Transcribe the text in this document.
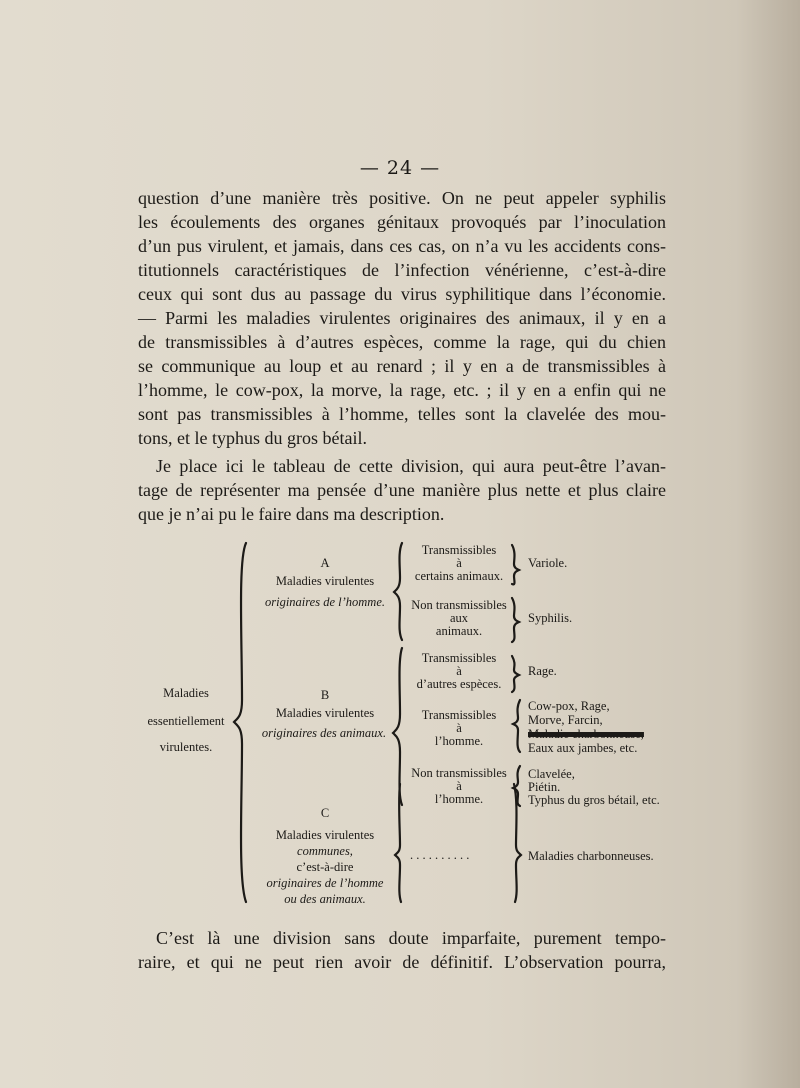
— 24 —
question d’une manière très positive. On ne peut appeler syphilis
les écoulements des organes génitaux provoqués par l’inoculation
d’un pus virulent, et jamais, dans ces cas, on n’a vu les accidents cons-
titutionnels caractéristiques de l’infection vénérienne, c’est-à-dire
ceux qui sont dus au passage du virus syphilitique dans l’économie.
— Parmi les maladies virulentes originaires des animaux, il y en a
de transmissibles à d’autres espèces, comme la rage, qui du chien
se communique au loup et au renard ; il y en a de transmissibles à
l’homme, le cow-pox, la morve, la rage, etc. ; il y en a enfin qui ne
sont pas transmissibles à l’homme, telles sont la clavelée des mou-
tons, et le typhus du gros bétail.
Je place ici le tableau de cette division, qui aura peut-être l’avan-
tage de représenter ma pensée d’une manière plus nette et plus claire
que je n’ai pu le faire dans ma description.
Maladies
essentiellement
virulentes.
A
Maladies virulentes
originaires de l’homme.
B
Maladies virulentes
originaires des animaux.
C
Maladies virulentes
communes,
c’est-à-dire
originaires de l’homme
ou des animaux.
Transmissibles
à
certains animaux.
Variole.
Non transmissibles
aux
animaux.
Syphilis.
Transmissibles
à
d’autres espèces.
Rage.
Transmissibles
à
l’homme.
Cow-pox, Rage,
Morve, Farcin,
Maladie charbonneuse,
Eaux aux jambes, etc.
Non transmissibles
à
l’homme.
Clavelée,
Piétin.
Typhus du gros bétail, etc.
. . . . . . . . . .	Maladies charbonneuses.
C’est là une division sans doute imparfaite, purement tempo-
raire, et qui ne peut rien avoir de définitif. L’observation pourra,
